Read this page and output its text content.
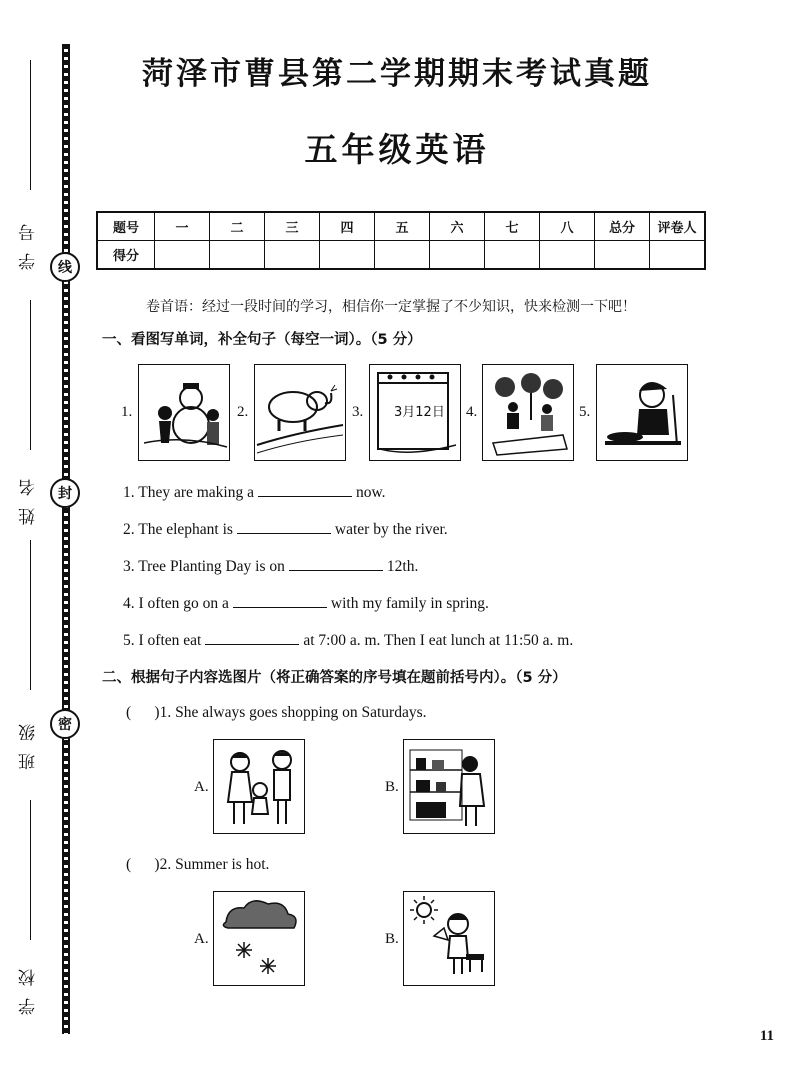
线
封
密
学号
姓名
班级
学校
菏泽市曹县第二学期期末考试真题
五年级英语
题号	一	二	三	四	五	六	七	八	总分	评卷人
得分										
卷首语：经过一段时间的学习，相信你一定掌握了不少知识，快来检测一下吧！
一、看图写单词，补全句子（每空一词）。（5 分）
1.	2.	3. 3月12日 4.	5.
1. They are making a	now.
2. The elephant is	water by the river.
3. Tree Planting Day is on	12th.
4. I often go on a	with my family in spring.
5. I often eat	at 7:00 a. m. Then I eat lunch at 11:50 a. m.
二、根据句子内容选图片（将正确答案的序号填在题前括号内）。（5 分）
(      )1. She always goes shopping on Saturdays.
A.	B.
(      )2. Summer is hot.
A.	B.
11
